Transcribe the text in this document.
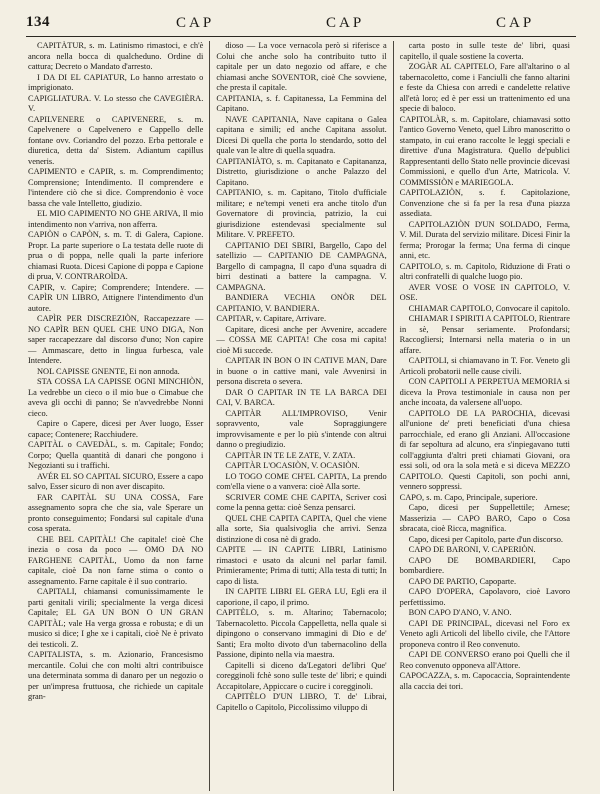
134	CAP	CAP	CAP

CAPITÀTUR, s. m. Latinismo rimastoci, e ch'è ancora nella bocca di qualcheduno. Ordine di cattura; Decreto o Mandato d'arresto.

I DA DI EL CAPIATUR, Lo hanno arrestato o imprigionato.

CAPIGLIATURA. V. Lo stesso che CAVEGIÈRA. V.

CAPILVENERE o CAPIVENERE, s. m. Capelvenere o Capelvenero e Cappello delle fontane ovv. Coriandro del pozzo. Erba pettorale e diuretica, detta da' Sistem. Adiantum capillus veneris.

CAPIMENTO e CAPIR, s. m. Comprendimento; Comprensione; Intendimento. Il comprendere e l'intendere ciò che si dice. Comprendonio è voce bassa che vale Intelletto, giudizio.

EL MIO CAPIMENTO NO GHE ARIVA, Il mio intendimento non v'arriva, non afferra.

CAPIÒN o CAPÒN, s. m. T. di Galera, Capione. Propr. La parte superiore o La testata delle ruote di prua o di poppa, nelle quali la parte inferiore chiamasi Ruota. Dicesi Capione di poppa e Capione di prua, V. CONTRAROÌDA.

CAPIR, v. Capire; Comprendere; Intendere. — CAPÌR UN LIBRO, Attignere l'intendimento d'un autore.

CAPÌR PER DISCREZIÒN, Raccapezzare — NO CAPÌR BEN QUEL CHE UNO DIGA, Non saper raccapezzare dal discorso d'uno; Non capire — Ammascare, detto in lingua furbesca, vale Intendere.

NOL CAPISSE GNENTE, Ei non annoda.

STA COSSA LA CAPISSE OGNI MINCHIÒN, La vedrebbe un cieco o il mio bue o Cimabue che aveva gli occhi di panno; Se n'avvedrebbe Nonni cieco.

Capire o Capere, dicesi per Aver luogo, Esser capace; Contenere; Racchiudere.

CAPITÀL o CAVEDÀL, s. m. Capitale; Fondo; Corpo; Quella quantità di danari che pongono i Negozianti su i traffichi.

AVÉR EL SO CAPITAL SICURO, Essere a capo salvo, Esser sicuro di non aver discapito.

FAR CAPITÀL SU UNA COSSA, Fare assegnamento sopra che che sia, vale Sperare un pronto conseguimento; Fondarsi sul capitale d'una cosa sperata.

CHE BEL CAPITÀL! Che capitale! cioè Che inezia o cosa da poco — OMO DA NO FARGHENE CAPITÀL, Uomo da non farne capitale, cioè Da non farne stima o conto o assegnamento. Farne capitale è il suo contrario.

CAPITALI, chiamansi comunissimamente le parti genitali virili; specialmente la verga dicesi Capitale; EL GA UN BON O UN GRAN CAPITÀL; vale Ha verga grossa e robusta; e di un musico si dice; I ghe xe i capitali, cioè Ne è privato dei testicoli. Z.

CAPITALISTA, s. m. Azionario, Francesismo mercantile. Colui che con molti altri contribuisce una determinata somma di danaro per un negozio o per un'impresa fruttuosa, che richiede un capitale gran-

dioso — La voce vernacola però si riferisce a Colui che anche solo ha contribuito tutto il capitale per un dato negozio od affare, e che chiamasi anche SOVENTOR, cioè Che sovviene, che presta il capitale.

CAPITANIA, s. f. Capitanessa, La Femmina del Capitano.

NAVE CAPITANIA, Nave capitana o Galea capitana e simili; ed anche Capitana assolut. Dicesi Di quella che porta lo stendardo, sotto del quale van le altre di quella squadra.

CAPITANIÀTO, s. m. Capitanato e Capitananza, Distretto, giurisdizione o anche Palazzo del Capitano.

CAPITANIO, s. m. Capitano, Titolo d'ufficiale militare; e ne'tempi veneti era anche titolo d'un Governatore di provincia, patrizio, la cui giurisdizione estendevasi specialmente sul Militare. V. PREFETO.

CAPITANIO DEI SBIRI, Bargello, Capo del satellizio — CAPITANIO DE CAMPAGNA, Bargello di campagna, Il capo d'una squadra di birri destinati a battere la campagna. V. CAMPAGNA.

BANDIERA VECHIA ONÒR DEL CAPITANIO, V. BANDIERA.

CAPITAR, v. Capitare, Arrivare.

Capitare, dicesi anche per Avvenire, accadere — COSSA ME CAPITA! Che cosa mi capita! cioè Mi succede.

CAPITAR IN BON O IN CATIVE MAN, Dare in buone o in cattive mani, vale Avvenirsi in persona discreta o severa.

DAR O CAPITAR IN TE LA BARCA DEI CAI, V. BARCA.

CAPITÀR ALL'IMPROVISO, Venir sopravvento, vale Sopraggiungere improvvisamente e per lo più s'intende con altrui danno o pregiudizio.

CAPITÀR IN TE LE ZATE, V. ZATA.

CAPITÀR L'OCASIÒN, V. OCASIÒN.

LO TOGO COME CH'EL CAPITA, La prendo com'ella viene o a vanvera: cioè Alla sorte.

SCRIVER COME CHE CAPITA, Scriver così come la penna getta: cioè Senza pensarci.

QUEL CHE CAPITA CAPITA, Quel che viene alla sorte, Sia qualsivoglia che arrivi. Senza distinzione di cosa nè di grado.

CAPITE — IN CAPITE LIBRI, Latinismo rimastoci e usato da alcuni nel parlar famil. Primieramente; Prima di tutti; Alla testa di tutti; In capo di lista.

IN CAPITE LIBRI EL GERA LU, Egli era il caporione, il capo, il primo.

CAPITÈLO, s. m. Altarino; Tabernacolo; Tabernacoletto. Piccola Cappelletta, nella quale si dipingono o conservano immagini di Dio e de' Santi; Era molto divoto d'un tabernacolino della Passione, dipinto nella via maestra.

Capitelli si diceno da'Legatori de'libri Que' coregginoli fchè sono sulle teste de' libri; e quindi Accapitolare, Appiccare o cucire i coregginoli.

CAPITÈLO D'UN LIBRO, T. de' Librai, Capitello o Capitolo, Piccolissimo viluppo di

carta posto in sulle teste de' libri, quasi capitello, il quale sostiene la coverta.

ZOGÀR AL CAPITELO, Fare all'altarino o al tabernacoletto, come i Fanciulli che fanno altarini e feste da Chiesa con arredi e candelette relative all'età loro; ed è per essi un trattenimento ed una specie di baloco.

CAPITOLÀR, s. m. Capitolare, chiamavasi sotto l'antico Governo Veneto, quel Libro manoscritto o stampato, in cui erano raccolte le leggi speciali e direttive d'una Magistratura. Quello de'publici Rappresentanti dello Stato nelle provincie dicevasi Commissioni, e quello d'un Arte, Matricola. V. COMMISSIÒN e MARIEGOLA.

CAPITOLAZIÒN, s. f. Capitolazione, Convenzione che si fa per la resa d'una piazza assediata.

CAPITOLAZIÒN D'UN SOLDADO, Ferma, V. Mil. Durata del servizio militare. Dicesi Finir la ferma; Prorogar la ferma; Una ferma di cinque anni, etc.

CAPITOLO, s. m. Capitolo, Riduzione di Frati o altri confratelli di qualche luogo pio.

AVER VOSE O VOSE IN CAPITOLO, V. OSE.

CHIAMAR CAPITOLO, Convocare il capitolo.

CHIAMAR I SPIRITI A CAPITOLO, Rientrare in sè, Pensar seriamente. Profondarsi; Raccogliersi; Internarsi nella materia o in un affare.

CAPITOLI, si chiamavano in T. For. Veneto gli Articoli probatorii nelle cause civili.

CON CAPITOLI A PERPETUA MEMORIA si diceva la Prova testimoniale in causa non per anche incoata, da valersene all'uopo.

CAPITOLO DE LA PAROCHIA, dicevasi all'unione de' preti beneficiati d'una chiesa parrocchiale, ed erano gli Anziani. All'occasione di far sepoltura ad alcuno, era s'inpiegavano tutti coll'aggiunta d'altri preti chiamati Giovani, ora essi soli, od ora la sola metà e si diceva MEZZO CAPITOLO. Questi Capitoli, son pochi anni, vennero soppressi.

CAPO, s. m. Capo, Principale, superiore.

Capo, dicesi per Suppellettile; Arnese; Masserizia — CAPO BARO, Capo o Cosa sbracata, cioè Ricca, magnifica.

Capo, dicesi per Capitolo, parte d'un discorso.

CAPO DE BARONI, V. CAPERIÒN.

CAPO DE BOMBARDIERI, Capo bombardiere.

CAPO DE PARTIO, Capoparte.

CAPO D'OPERA, Capolavoro, cioè Lavoro perfettissimo.

BON CAPO D'ANO, V. ANO.

CAPI DE PRINCIPAL, dicevasi nel Foro ex Veneto agli Articoli del libello civile, che l'Attore proponeva contro il Reo convenuto.

CAPI DE CONVERSO erano poi Quelli che il Reo convenuto opponeva all'Attore.

CAPOCAZZA, s. m. Capocaccia, Sopraintendente alla caccia dei tori.
